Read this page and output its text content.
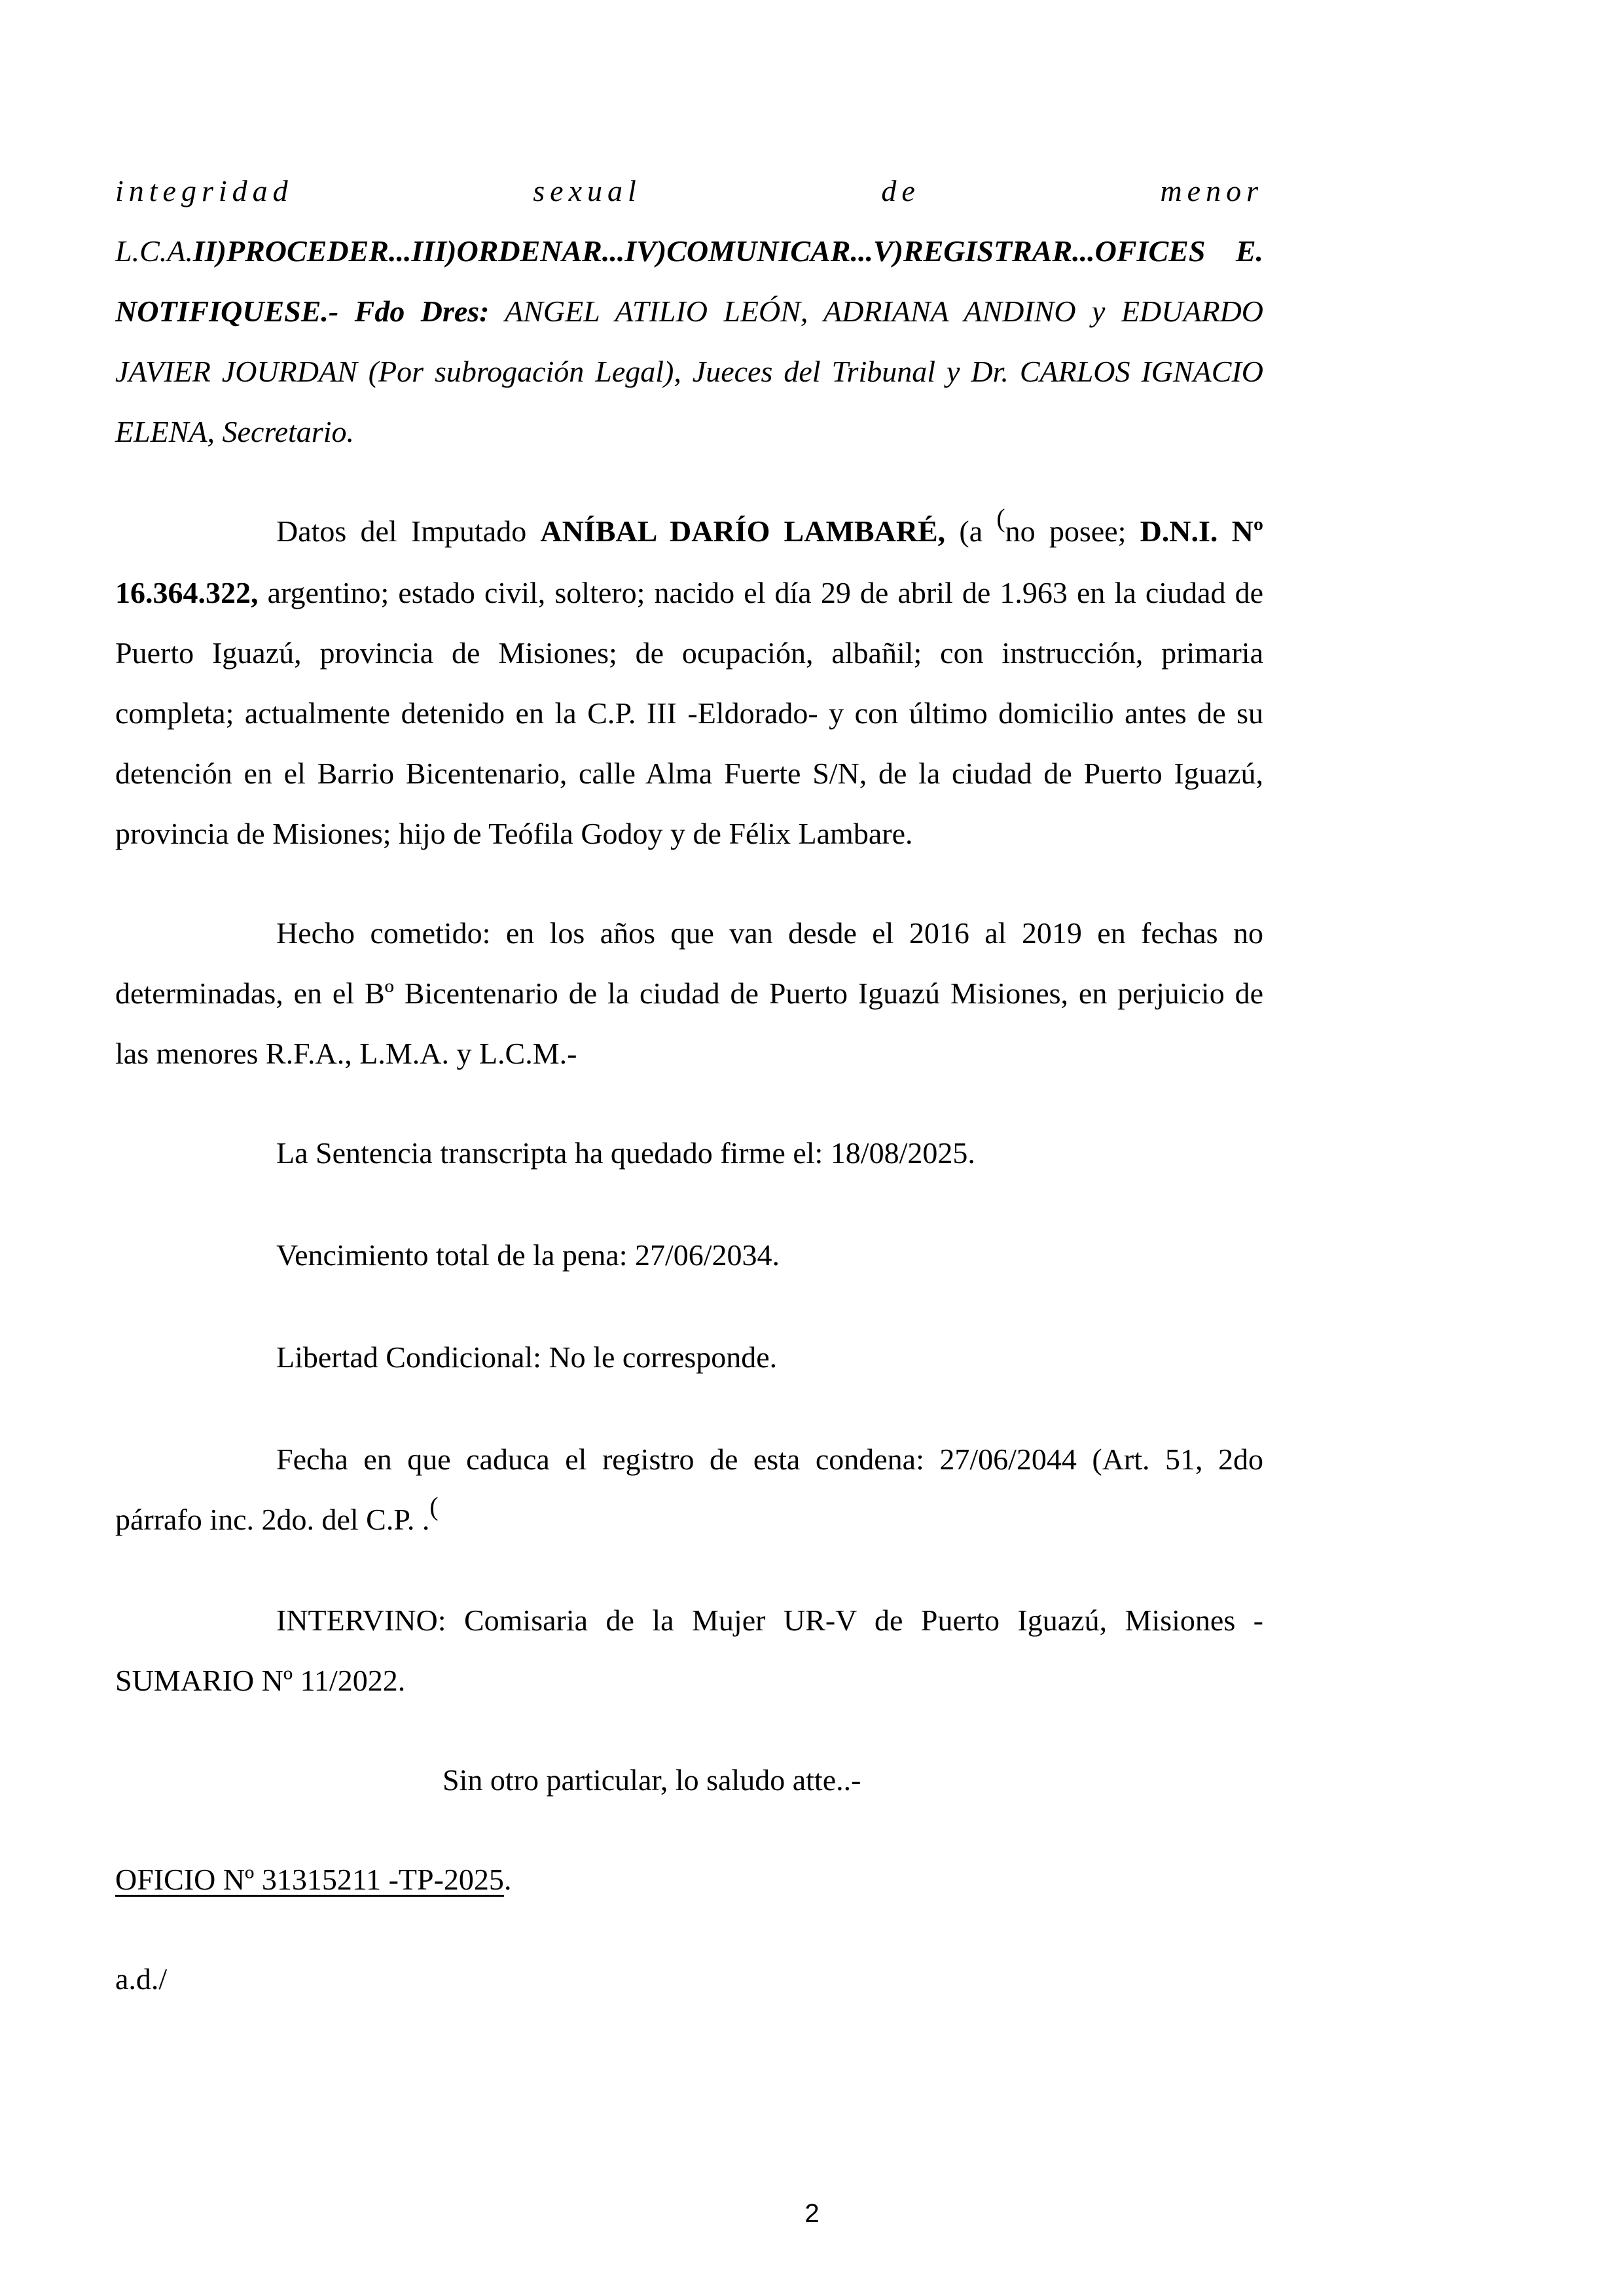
integridad	sexual	de	menor

L.C.A.II)PROCEDER...III)ORDENAR...IV)COMUNICAR...V)REGISTRAR...OFICES E. NOTIFIQUESE.- Fdo Dres: ANGEL ATILIO LEÓN, ADRIANA ANDINO y EDUARDO JAVIER JOURDAN (Por subrogación Legal), Jueces del Tribunal y Dr. CARLOS IGNACIO ELENA, Secretario.

Datos del Imputado ANÍBAL DARÍO LAMBARÉ, (a (no posee; D.N.I. Nº 16.364.322, argentino; estado civil, soltero; nacido el día 29 de abril de 1.963 en la ciudad de Puerto Iguazú, provincia de Misiones; de ocupación, albañil; con instrucción, primaria completa; actualmente detenido en la C.P. III -Eldorado- y con último domicilio antes de su detención en el Barrio Bicentenario, calle Alma Fuerte S/N, de la ciudad de Puerto Iguazú, provincia de Misiones; hijo de Teófila Godoy y de Félix Lambare.

Hecho cometido: en los años que van desde el 2016 al 2019 en fechas no determinadas, en el Bº Bicentenario de la ciudad de Puerto Iguazú Misiones, en perjuicio de las menores R.F.A., L.M.A. y L.C.M.-

La Sentencia transcripta ha quedado firme el: 18/08/2025.

Vencimiento total de la pena: 27/06/2034.

Libertad Condicional: No le corresponde.

Fecha en que caduca el registro de esta condena: 27/06/2044 (Art. 51, 2do párrafo inc. 2do. del C.P. .(

INTERVINO: Comisaria de la Mujer UR-V de Puerto Iguazú, Misiones - SUMARIO Nº 11/2022.

Sin otro particular, lo saludo atte..-

OFICIO Nº 31315211 -TP-2025.

a.d./

2
